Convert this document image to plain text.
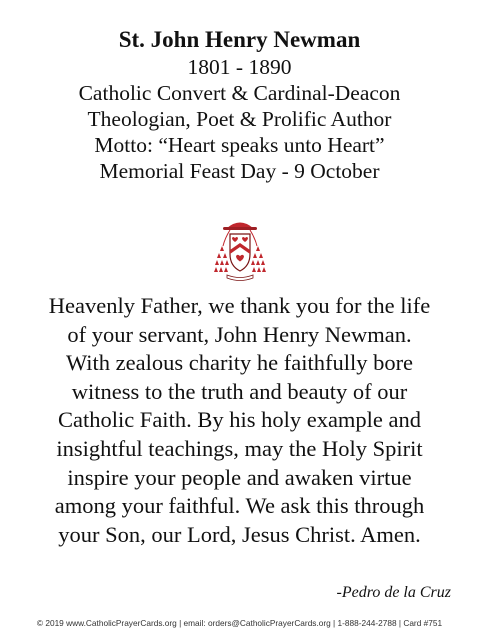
St. John Henry Newman

1801 - 1890

Catholic Convert & Cardinal-Deacon

Theologian, Poet & Prolific Author

Motto: “Heart speaks unto Heart”

Memorial Feast Day - 9 October

Heavenly Father, we thank you for the life
of your servant, John Henry Newman.
With zealous charity he faithfully bore
witness to the truth and beauty of our
Catholic Faith. By his holy example and
insightful teachings, may the Holy Spirit
inspire your people and awaken virtue
among your faithful. We ask this through
your Son, our Lord, Jesus Christ. Amen.

-Pedro de la Cruz

© 2019 www.CatholicPrayerCards.org | email: orders@CatholicPrayerCards.org | 1-888-244-2788 | Card #751
